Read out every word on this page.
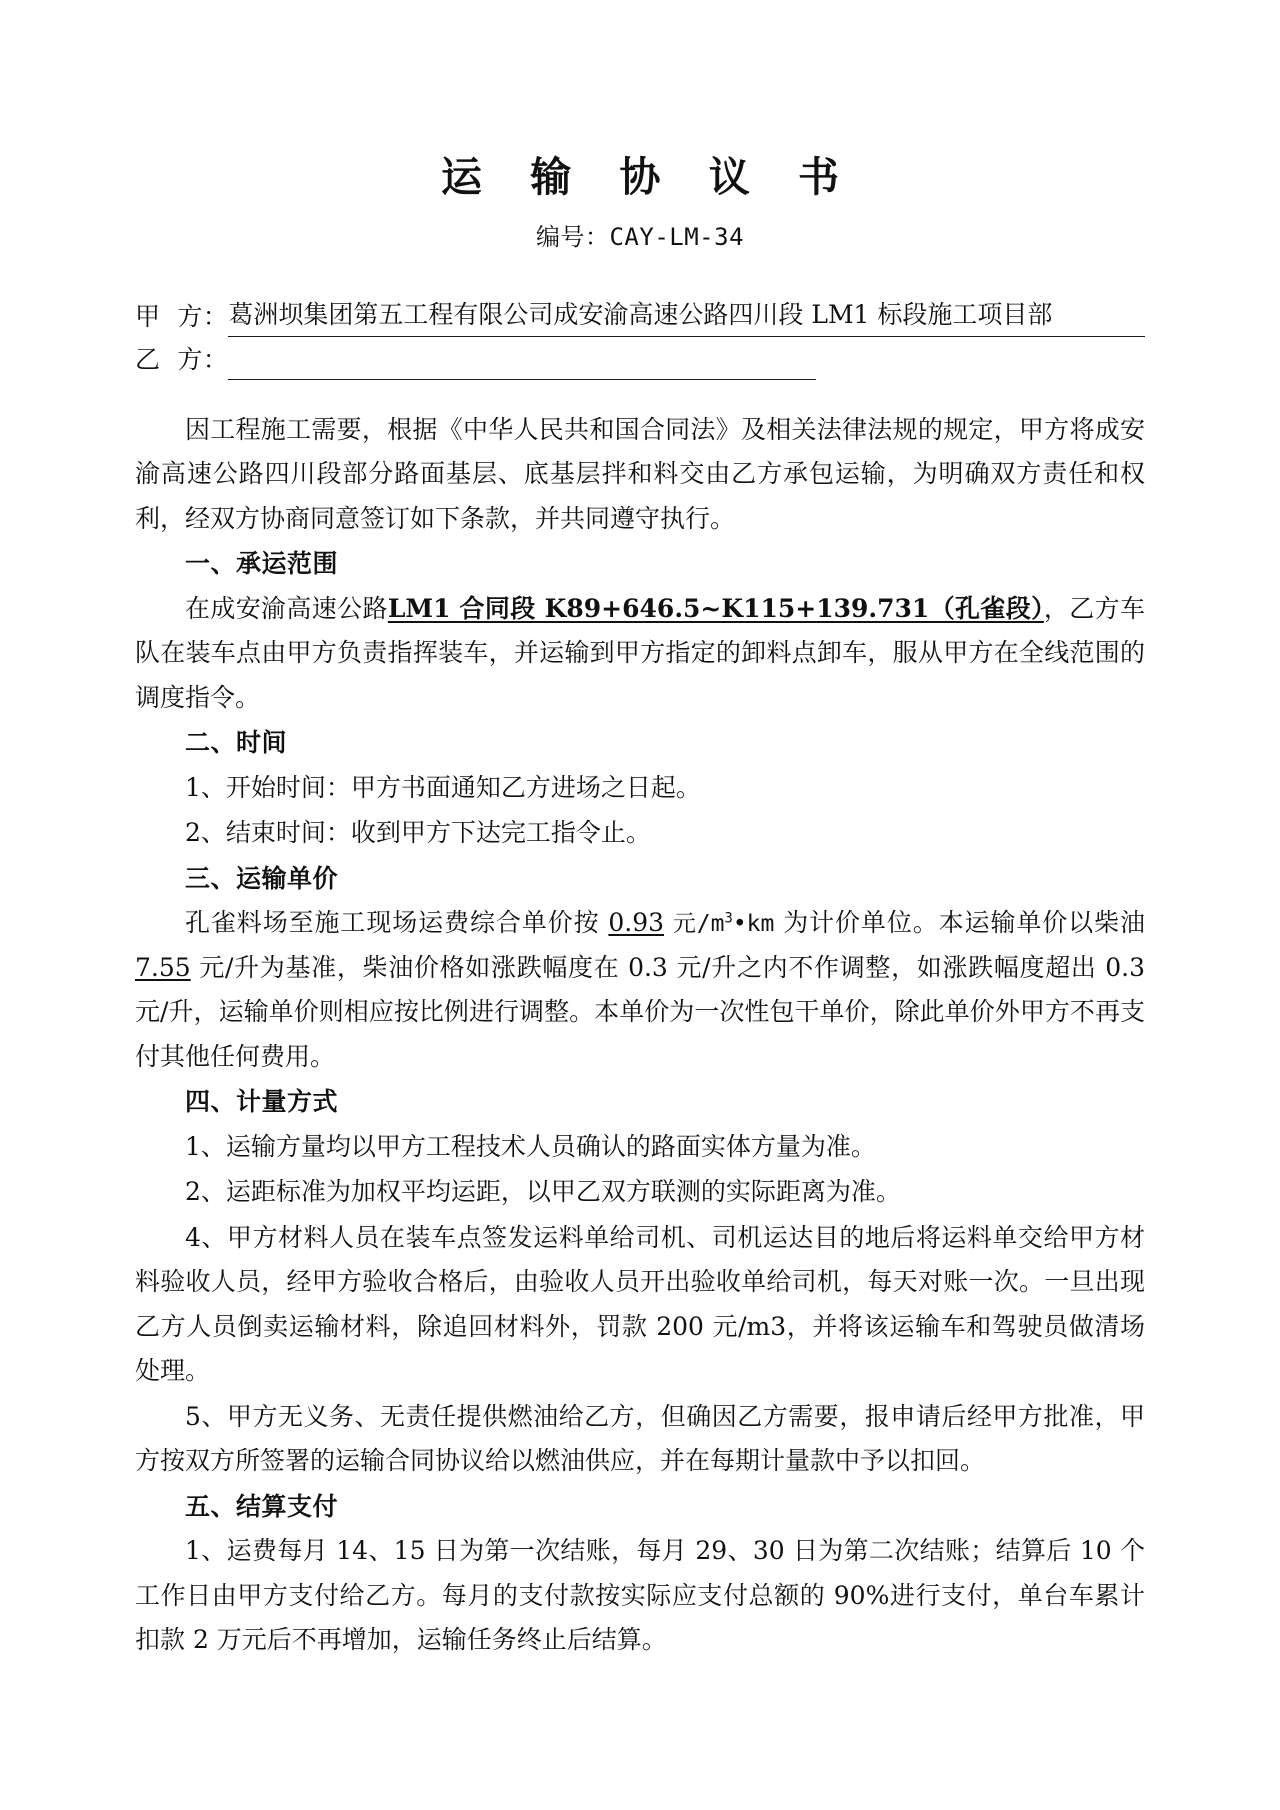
运 输 协 议 书
编号：CAY-LM-34
甲  方： 葛洲坝集团第五工程有限公司成安渝高速公路四川段 LM1 标段施工项目部
乙  方：

因工程施工需要，根据《中华人民共和国合同法》及相关法律法规的规定，甲方将成安渝高速公路四川段部分路面基层、底基层拌和料交由乙方承包运输，为明确双方责任和权利，经双方协商同意签订如下条款，并共同遵守执行。

一、承运范围

在成安渝高速公路LM1 合同段 K89+646.5~K115+139.731（孔雀段），乙方车队在装车点由甲方负责指挥装车，并运输到甲方指定的卸料点卸车，服从甲方在全线范围的调度指令。

二、时间

1、开始时间：甲方书面通知乙方进场之日起。

2、结束时间：收到甲方下达完工指令止。

三、运输单价

孔雀料场至施工现场运费综合单价按 0.93 元$/m^3•km$ 为计价单位。本运输单价以柴油7.55 元/升为基准，柴油价格如涨跌幅度在 0.3 元/升之内不作调整，如涨跌幅度超出 0.3 元/升，运输单价则相应按比例进行调整。本单价为一次性包干单价，除此单价外甲方不再支付其他任何费用。

四、计量方式

1、运输方量均以甲方工程技术人员确认的路面实体方量为准。

2、运距标准为加权平均运距，以甲乙双方联测的实际距离为准。

4、甲方材料人员在装车点签发运料单给司机、司机运达目的地后将运料单交给甲方材料验收人员，经甲方验收合格后，由验收人员开出验收单给司机，每天对账一次。一旦出现乙方人员倒卖运输材料，除追回材料外，罚款 200 元/m3，并将该运输车和驾驶员做清场处理。

5、甲方无义务、无责任提供燃油给乙方，但确因乙方需要，报申请后经甲方批准，甲方按双方所签署的运输合同协议给以燃油供应，并在每期计量款中予以扣回。

五、结算支付

1、运费每月 14、15 日为第一次结账，每月 29、30 日为第二次结账；结算后 10 个工作日由甲方支付给乙方。每月的支付款按实际应支付总额的 90%进行支付，单台车累计扣款 2 万元后不再增加，运输任务终止后结算。
